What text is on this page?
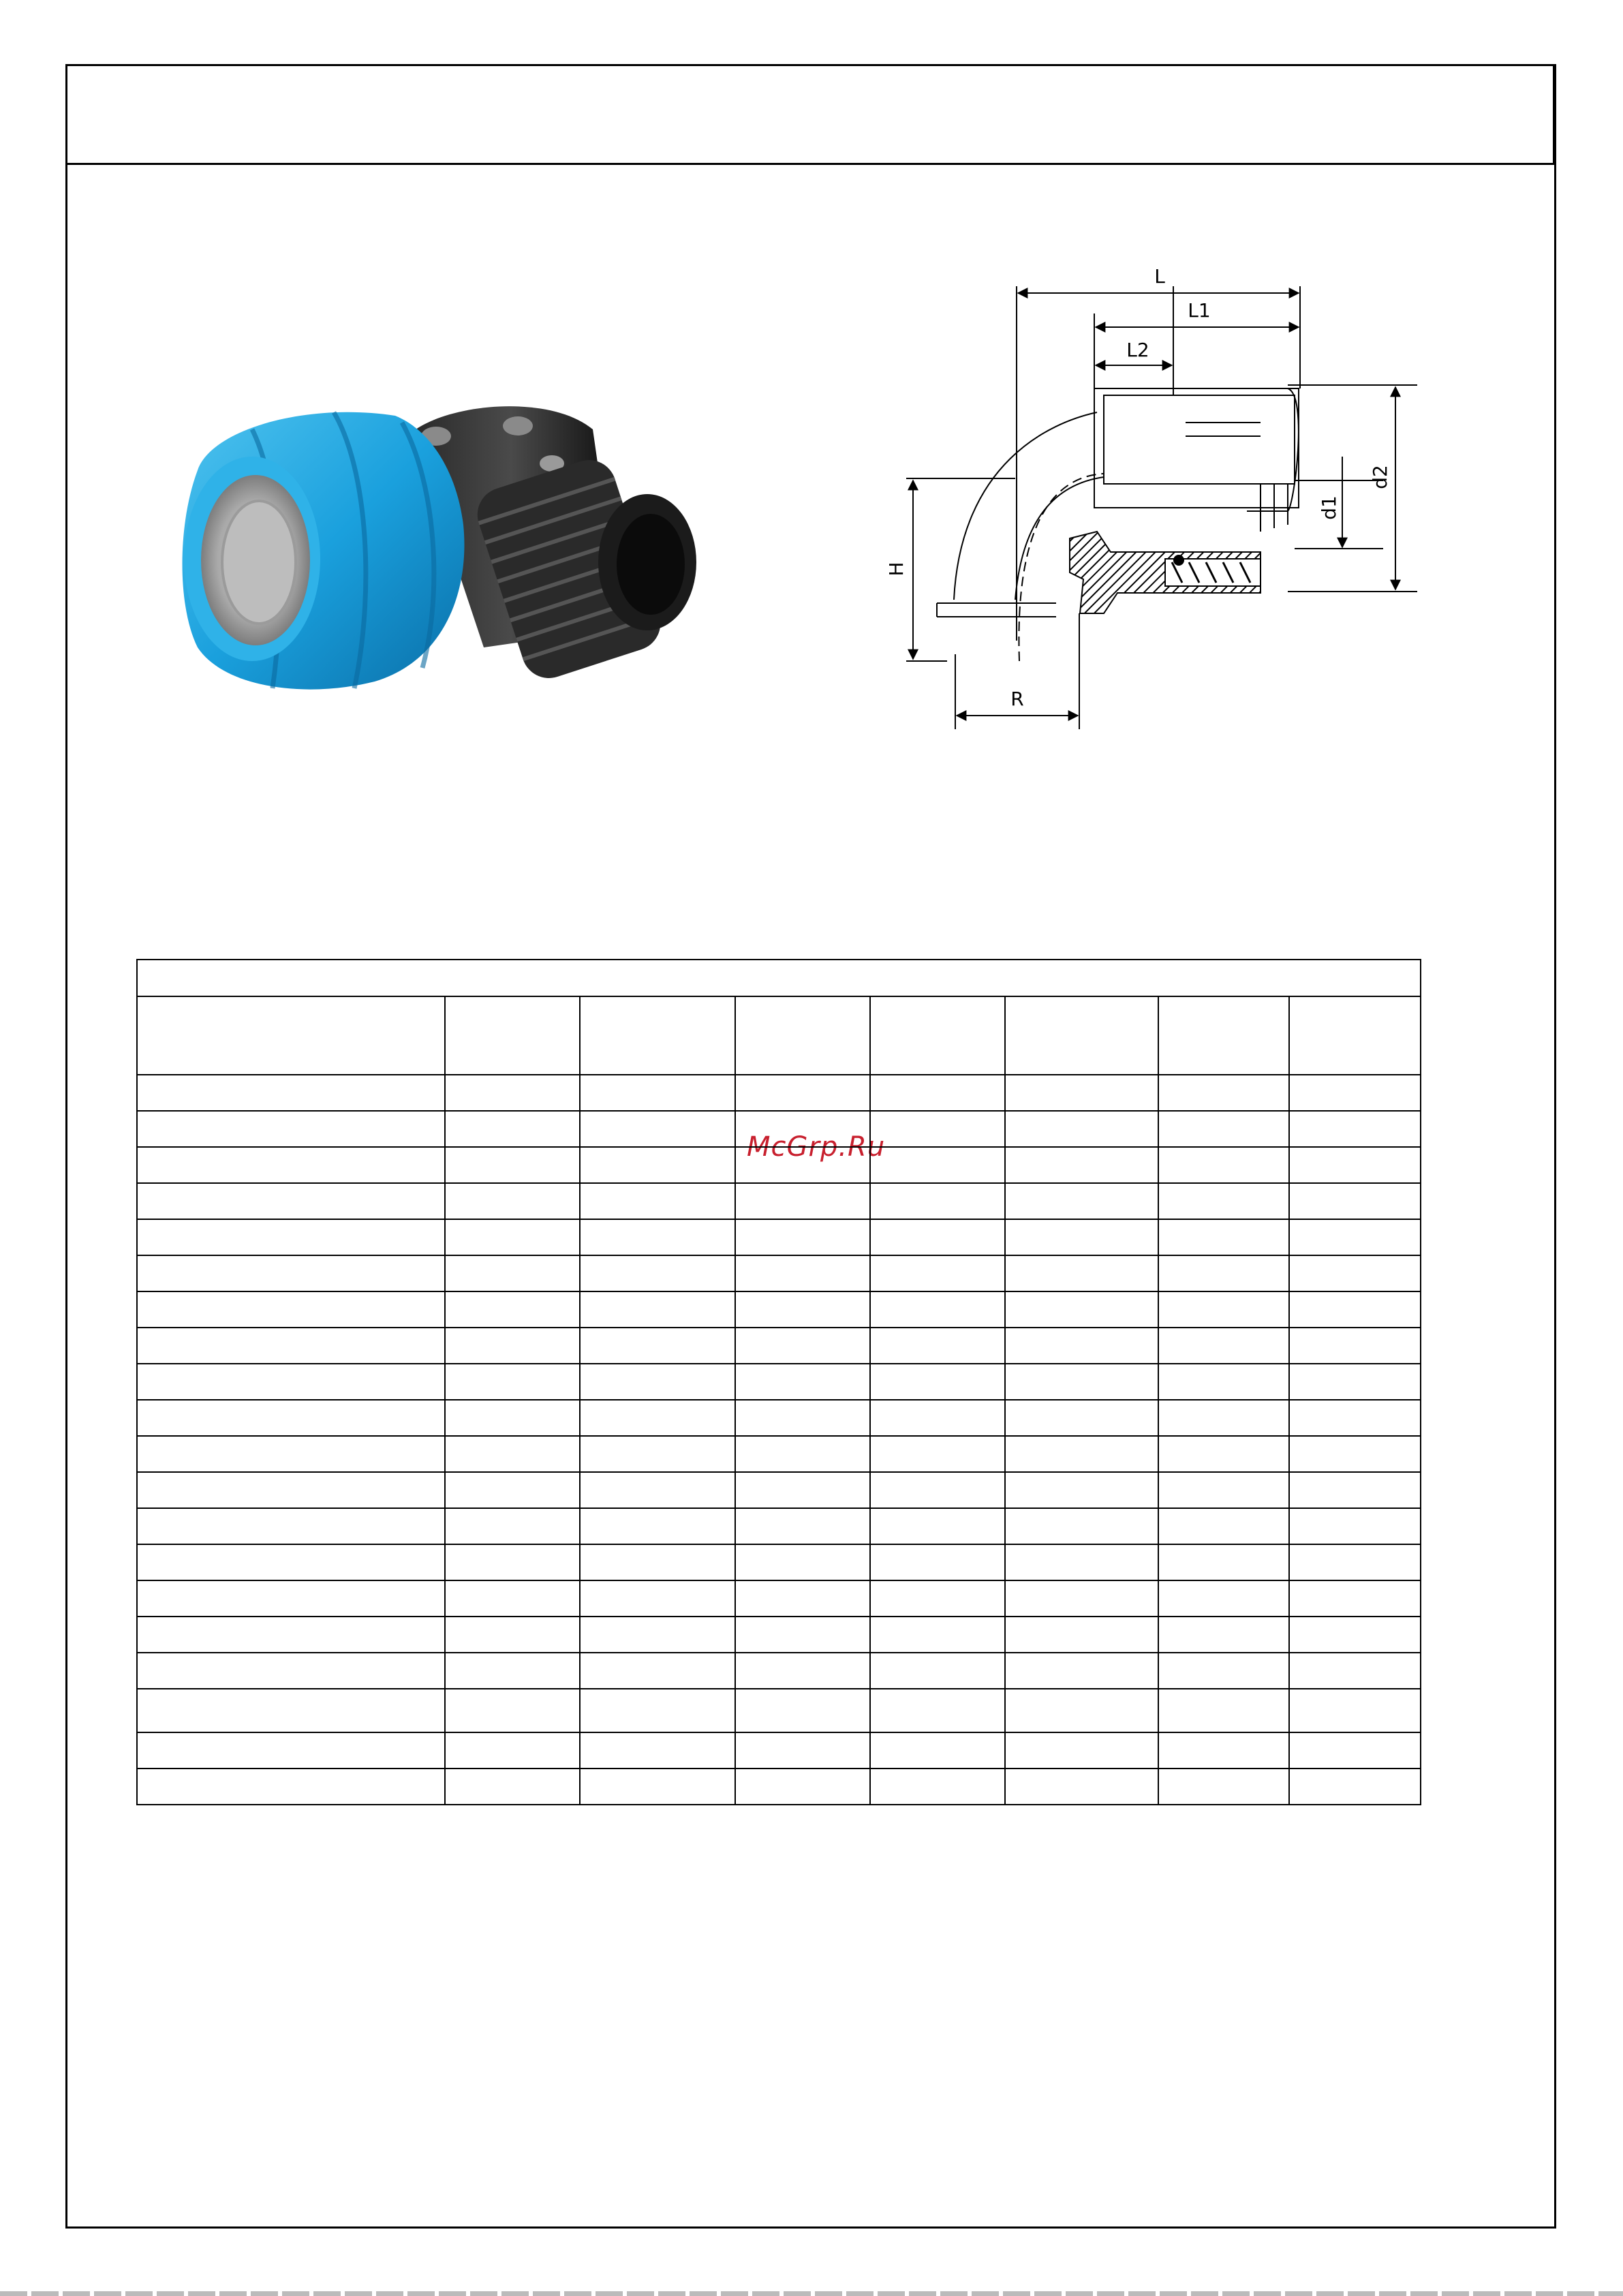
L
L1
L2
d1
d2
H
R
McGrp.Ru
